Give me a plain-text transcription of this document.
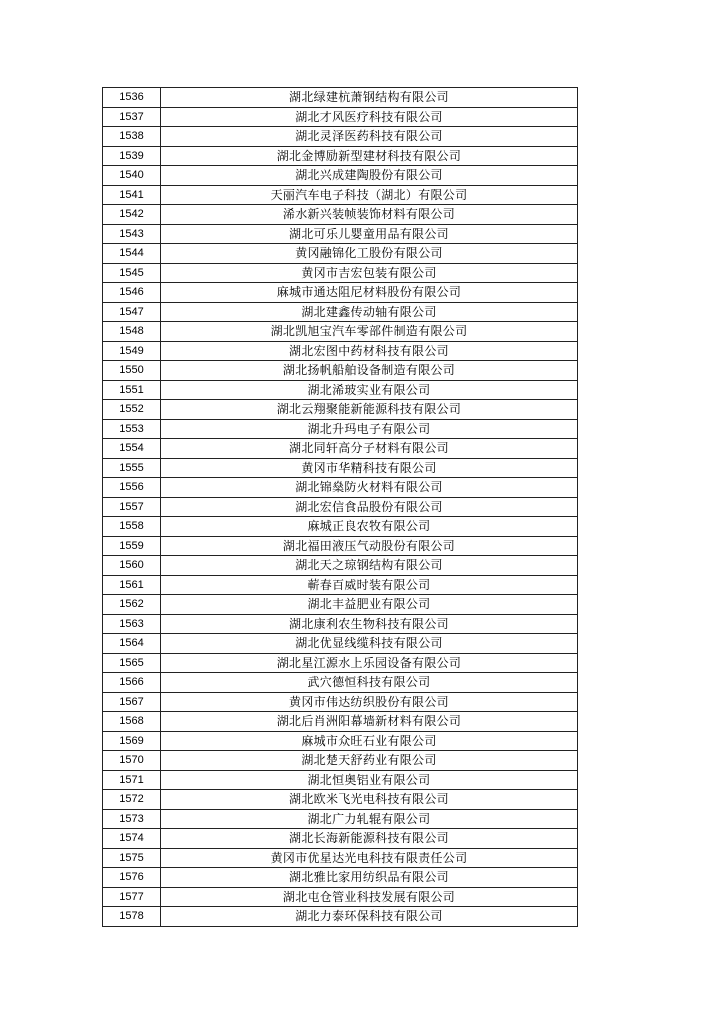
1536	湖北绿建杭萧钢结构有限公司
1537	湖北才风医疗科技有限公司
1538	湖北灵泽医药科技有限公司
1539	湖北金博励新型建材科技有限公司
1540	湖北兴成建陶股份有限公司
1541	天丽汽车电子科技（湖北）有限公司
1542	浠水新兴装帧装饰材料有限公司
1543	湖北可乐儿婴童用品有限公司
1544	黄冈融锦化工股份有限公司
1545	黄冈市吉宏包装有限公司
1546	麻城市通达阻尼材料股份有限公司
1547	湖北建鑫传动轴有限公司
1548	湖北凯旭宝汽车零部件制造有限公司
1549	湖北宏图中药材科技有限公司
1550	湖北扬帆船舶设备制造有限公司
1551	湖北浠玻实业有限公司
1552	湖北云翔聚能新能源科技有限公司
1553	湖北升玛电子有限公司
1554	湖北同轩高分子材料有限公司
1555	黄冈市华精科技有限公司
1556	湖北锦燊防火材料有限公司
1557	湖北宏信食品股份有限公司
1558	麻城正良农牧有限公司
1559	湖北福田液压气动股份有限公司
1560	湖北天之琼钢结构有限公司
1561	蕲春百威时装有限公司
1562	湖北丰益肥业有限公司
1563	湖北康利农生物科技有限公司
1564	湖北优显线缆科技有限公司
1565	湖北星江源水上乐园设备有限公司
1566	武穴德恒科技有限公司
1567	黄冈市伟达纺织股份有限公司
1568	湖北后肖洲阳幕墙新材料有限公司
1569	麻城市众旺石业有限公司
1570	湖北楚天舒药业有限公司
1571	湖北恒奥铝业有限公司
1572	湖北欧米飞光电科技有限公司
1573	湖北广力轧辊有限公司
1574	湖北长海新能源科技有限公司
1575	黄冈市优星达光电科技有限责任公司
1576	湖北雅比家用纺织品有限公司
1577	湖北屯仓管业科技发展有限公司
1578	湖北力泰环保科技有限公司
